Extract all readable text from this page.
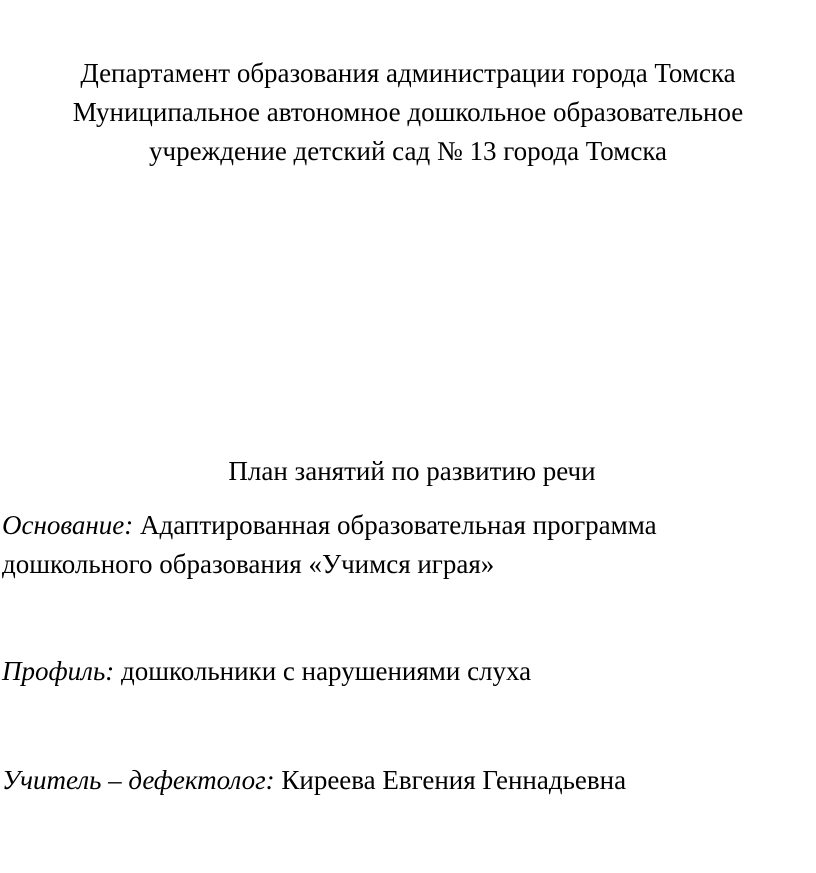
Департамент образования администрации города Томска
Муниципальное автономное дошкольное образовательное
учреждение детский сад № 13 города Томска
План занятий по развитию речи
Основание: Адаптированная образовательная программа
дошкольного образования «Учимся играя»
Профиль: дошкольники с нарушениями слуха
Учитель – дефектолог: Киреева Евгения Геннадьевна
